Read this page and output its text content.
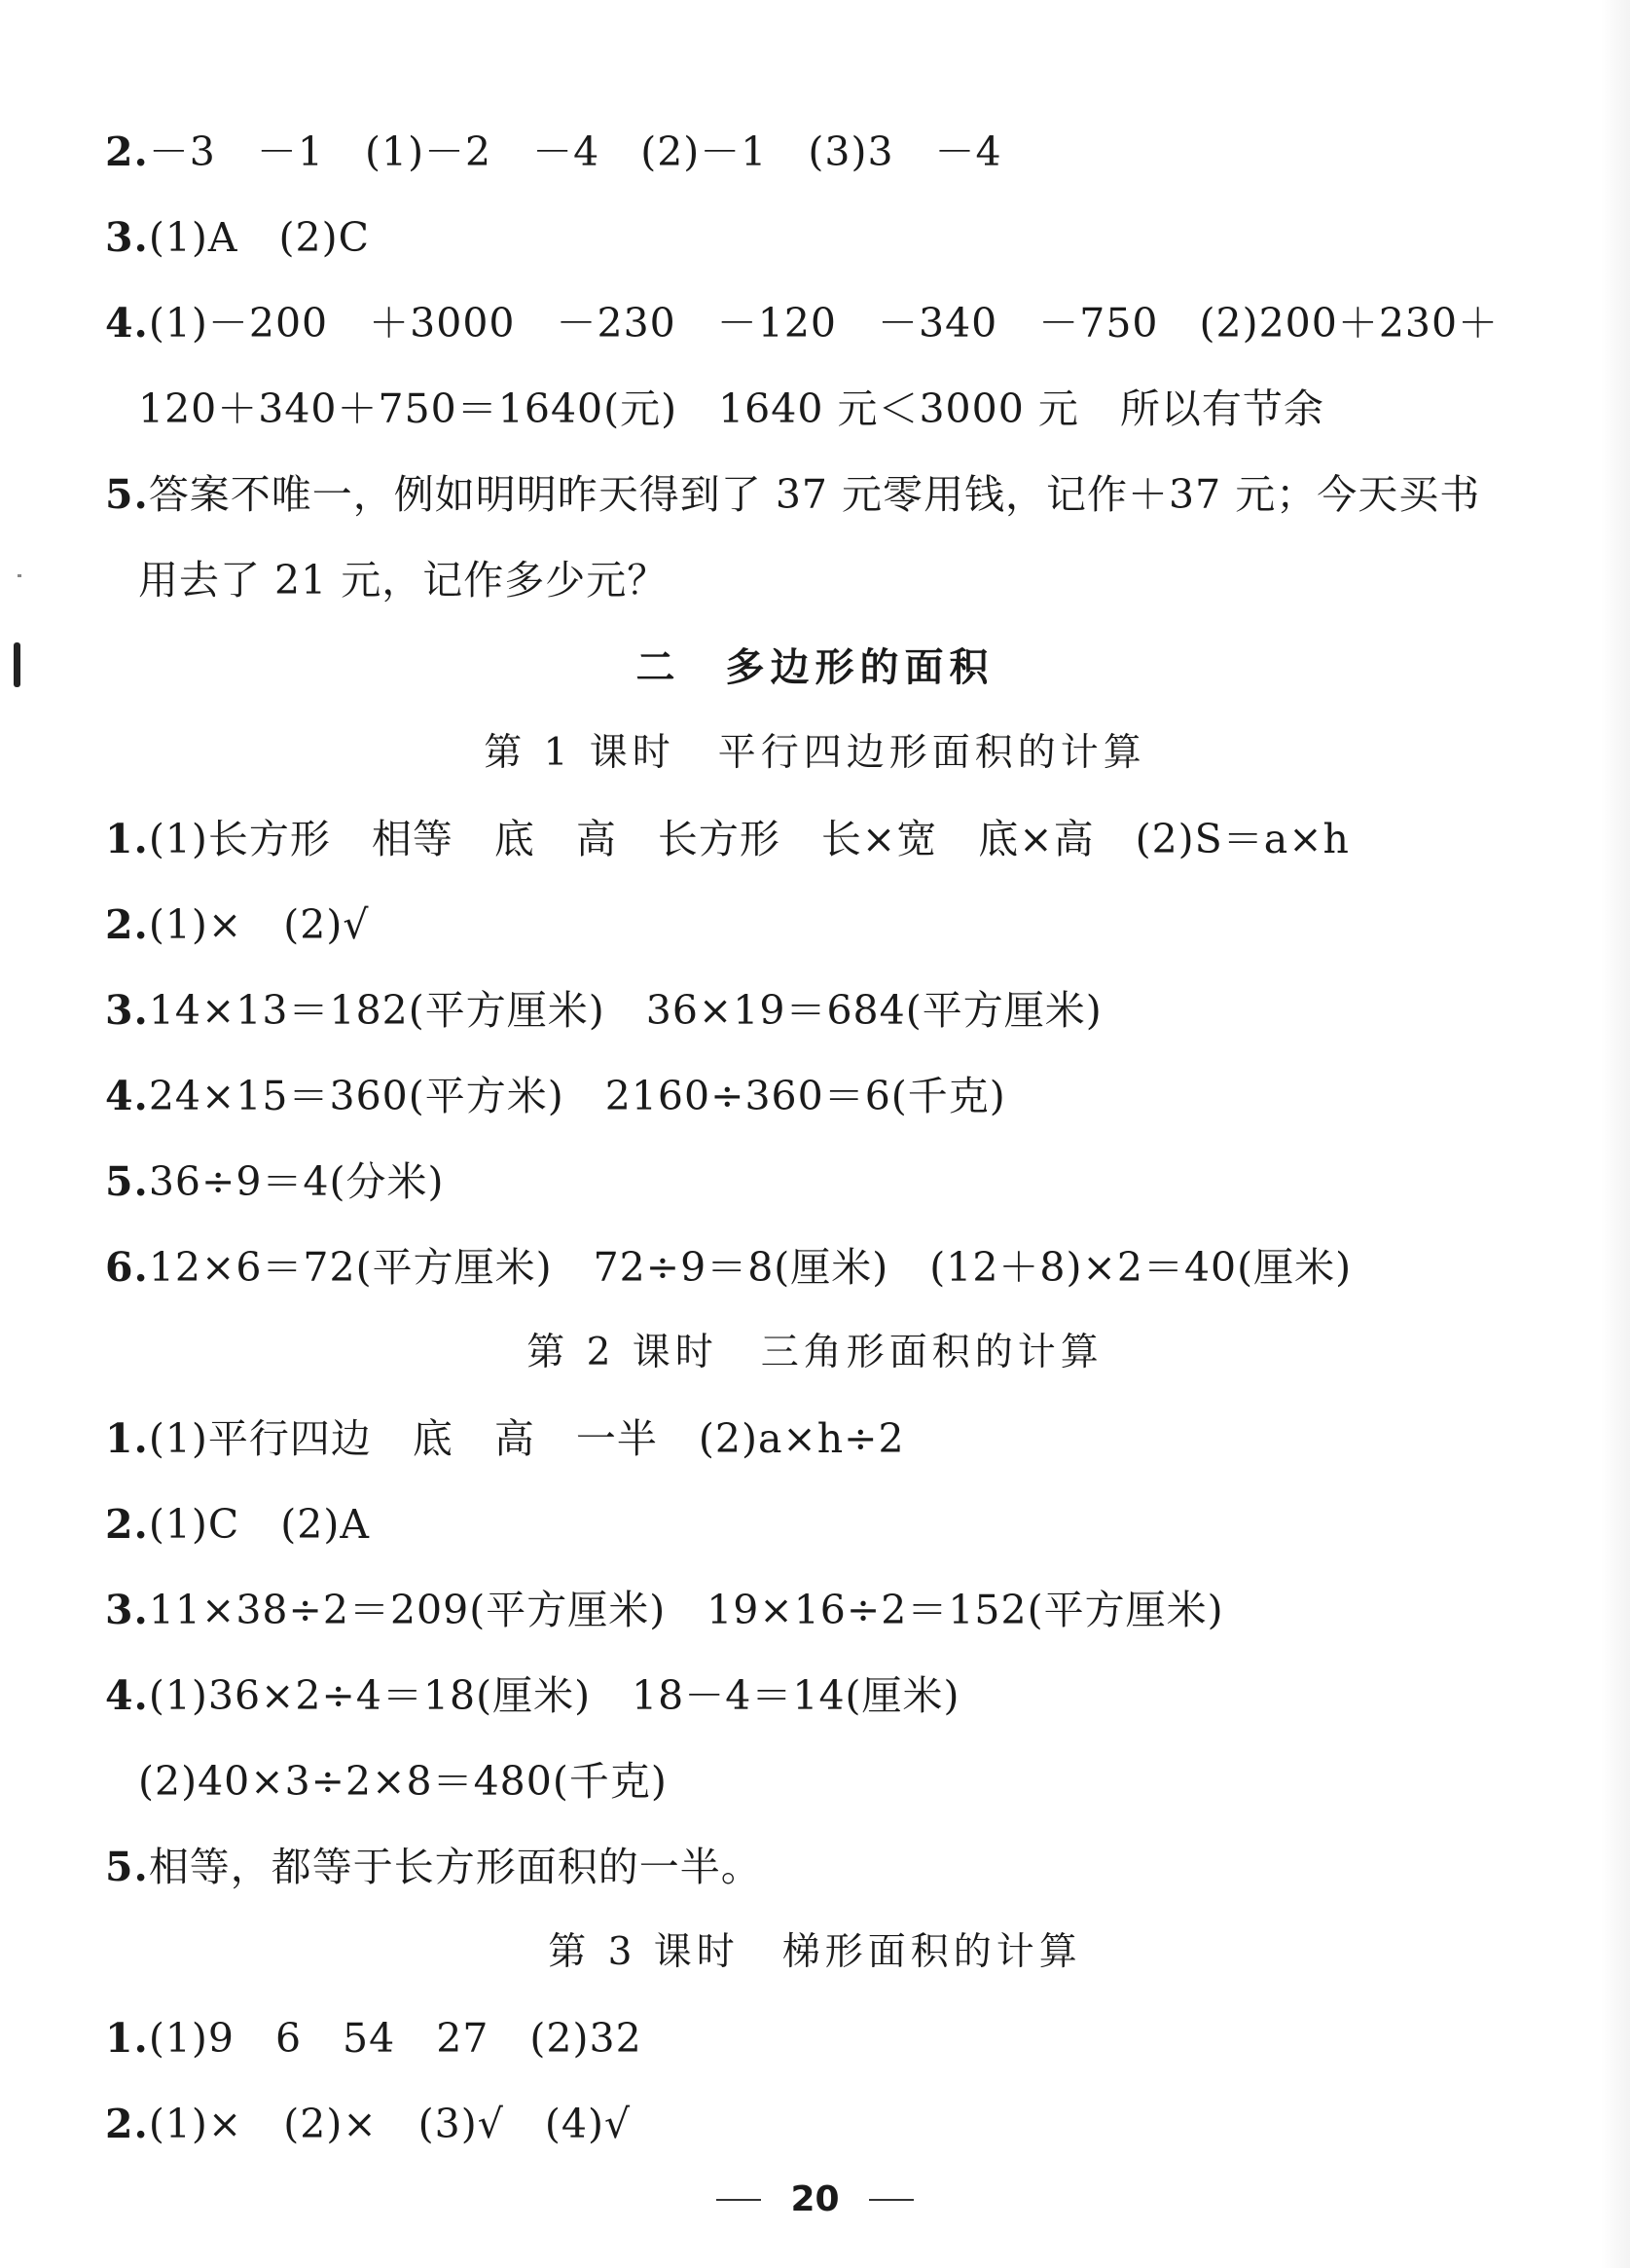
2.－3　－1　(1)－2　－4　(2)－1　(3)3　－4
3.(1)A　(2)C
4.(1)－200　＋3000　－230　－120　－340　－750　(2)200＋230＋
120＋340＋750＝1640(元)　1640 元＜3000 元　所以有节余
5.答案不唯一，例如明明昨天得到了 37 元零用钱，记作＋37 元；今天买书
用去了 21 元，记作多少元？
二　多边形的面积
第 1 课时　平行四边形面积的计算
1.(1)长方形　相等　底　高　长方形　长×宽　底×高　(2)S＝a×h
2.(1)×　(2)√
3.14×13＝182(平方厘米)　36×19＝684(平方厘米)
4.24×15＝360(平方米)　2160÷360＝6(千克)
5.36÷9＝4(分米)
6.12×6＝72(平方厘米)　72÷9＝8(厘米)　(12＋8)×2＝40(厘米)
第 2 课时　三角形面积的计算
1.(1)平行四边　底　高　一半　(2)a×h÷2
2.(1)C　(2)A
3.11×38÷2＝209(平方厘米)　19×16÷2＝152(平方厘米)
4.(1)36×2÷4＝18(厘米)　18－4＝14(厘米)
(2)40×3÷2×8＝480(千克)
5.相等，都等于长方形面积的一半。
第 3 课时　梯形面积的计算
1.(1)9　6　54　27　(2)32
2.(1)×　(2)×　(3)√　(4)√
20
